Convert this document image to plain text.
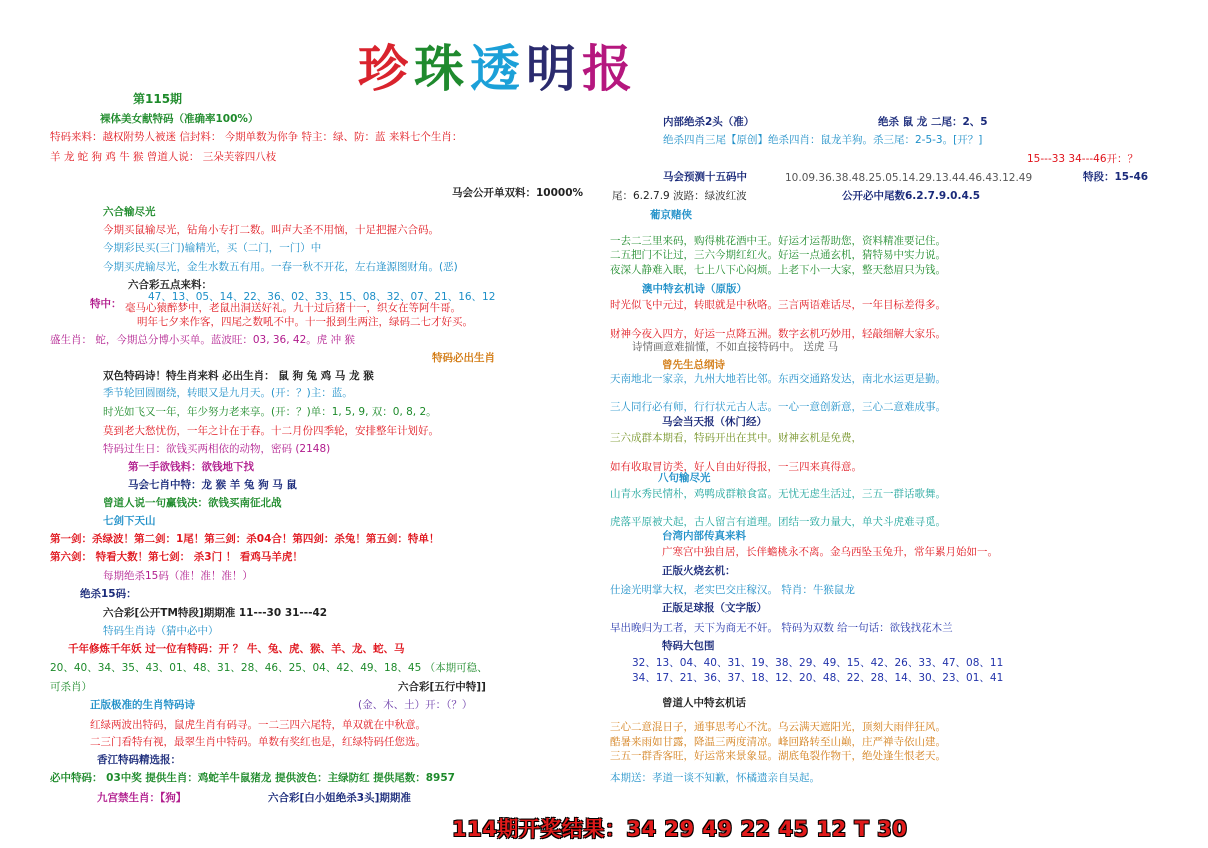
珍珠透明报
第115期
裸体美女献特码（准确率100%）
特码来料：越权附势人被迷 信封料： 今期单数为你争 特主：绿、防：蓝 来料七个生肖：
羊 龙 蛇 狗 鸡 牛 猴 曾道人说： 三朵芙蓉四八枝
马会公开单双料：10000%
六合输尽光
今期买鼠输尽光，钻角小专打二数。叫声大圣不用恼，十足把握六合码。
今期彩民买(三门)输精光，买（二门，一门）中
今期买虎输尽光，金生水数五有用。一春一秋不开花，左右逢源图财角。(恶)
六合彩五点来料：
47、13、05、14、22、36、02、33、15、08、32、07、21、16、12
特中： 毫马心猿醉梦中，老鼠出洞送好礼。九十过后猪十一，织女在等阿牛哥。
明年七夕来作客，四尾之数吼不中。十一报到生两注，绿码二七才好买。
盛生肖： 蛇，今期总分博小买单。蓝波旺：03, 36, 42。虎 冲 猴
特码必出生肖
双色特码诗！特生肖来料 必出生肖： 鼠 狗 兔 鸡 马 龙 猴
季节轮回圆圈绕，转眼又是九月天。(开：？)主：蓝。
时光如飞又一年，年少努力老来享。(开：？)单：1, 5, 9, 双：0, 8, 2。
莫到老大愁忧伤，一年之计在于春。十二月份四季轮，安排整年计划好。
特码过生日：欲钱买两相依的动物，密码 (2148)
第一手欲钱料：欲钱地下找
马会七肖中特：龙 猴 羊 兔 狗 马 鼠
曾道人说一句赢钱决：欲钱买南征北战
七剑下天山
第一剑：杀绿波！第二剑：1尾！第三剑：杀04合！第四剑：杀兔！第五剑：特单！
第六剑： 特看大数！第七剑： 杀3门 ！ 看鸡马羊虎！
每期绝杀15码（准！准！准！）
绝杀15码：
六合彩[公开TM特段]期期准 11---30 31---42
特码生肖诗（猜中必中）
千年修炼千年妖 过一位有特码：开 ？ 牛、兔、虎、猴、羊、龙、蛇、马
20、40、34、35、43、01、48、31、28、46、25、04、42、49、18、45 （本期可稳、
可杀肖）	六合彩[五行中特]]
正版极准的生肖特码诗	(金、木、土）开：（？）
红绿两波出特码，鼠虎生肖有码寻。一二三四六尾特，单双就在中秋意。
二三门看特有视，最翠生肖中特码。单数有奖红也是，红绿特码任您选。
香江特码精选报：
必中特码： 03中奖 提供生肖：鸡蛇羊牛鼠猪龙 提供波色：主绿防红 提供尾数：8957
九宫禁生肖：【狗】	六合彩[白小姐绝杀3头]期期准
内部绝杀2头（准）	绝杀 鼠 龙 二尾：2、5
绝杀四肖三尾【原创】绝杀四肖：鼠龙羊狗。杀三尾：2-5-3。[开？]
15---33 34---46开：？
马会预测十五码中	10.09.36.38.48.25.05.14.29.13.44.46.43.12.49	特段：15-46
尾：6.2.7.9 波路：绿波红波	公开必中尾数6.2.7.9.0.4.5
葡京赌侠
一去二三里来码，购得桃花酒中王。好运才运帮助您，资料精准要记住。
二五把门不让过，三六今期红红火。好运一点通玄机，猜特易中实力说。
夜深人静难入眠，七上八下心闷烦。上老下小一大家，整天愁眉只为钱。
澳中特玄机诗（原版）
时光似飞中元过，转眼就是中秋咯。三言两语难话尽，一年目标差得多。
财神今夜入四方，好运一点降五洲。数字玄机巧妙用，轻敲细解大家乐。
诗情画意难揣懂，不如直接特码中。 送虎 马
曾先生总纲诗
天南地北一家亲，九州大地若比邻。东西交通路发达，南北水运更是勤。
三人同行必有师，行行状元古人志。一心一意创新意，三心二意难成事。
马会当天报（休门经）
三六成群本期看，特码开出在其中。财神玄机是免费，
如有收取冒访类，好人自由好得报，一三四来真得意。
八句输尽光
山青水秀民情朴，鸡鸭成群粮食富。无忧无虑生活过，三五一群话歌舞。
虎落平原被犬起，古人留言有道理。团结一致力量大，单犬斗虎难寻觅。
台湾内部传真来料
广寒宫中独自居，长伴蟾桃永不离。金乌西坠玉兔升，常年累月始如一。
正版火烧玄机：
仕途光明掌大权，老实巴交庄稼汉。 特肖：牛猴鼠龙
正版足球报（文字版）
早出晚归为工者，天下为商无不奸。 特码为双数 给一句话：欲钱找花木兰
特码大包围
32、13、04、40、31、19、38、29、49、15、42、26、33、47、08、11
34、17、21、36、37、18、12、20、48、22、28、14、30、23、01、41
曾道人中特玄机话
三心二意混日子，通事思考心不沈。乌云满天遮阳光，顶刻大雨伴狂风。
酷暑来雨如甘露，降温三两度清凉。峰回路转至山巅，庄严禅寺依山建。
三五一群香客旺，好运常来景象显。湖底龟裂作物干，绝处逢生恨老天。
本期送：孝道一谈不知歉，怀橘遗亲自吴起。
114期开奖结果：34 29 49 22 45 12 T 30
